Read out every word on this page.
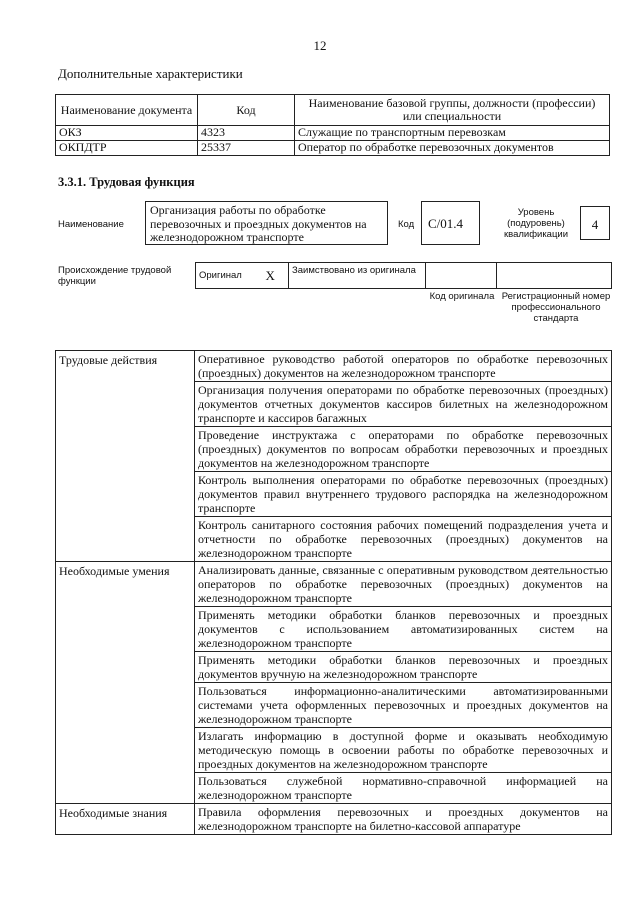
12
Дополнительные характеристики
Наименование документа	Код	Наименование базовой группы, должности (профессии) или специальности
ОКЗ	4323	Служащие по транспортным перевозкам
ОКПДТР	25337	Оператор по обработке перевозочных документов
3.3.1. Трудовая функция
Наименование
Организация работы по обработке перевозочных и проездных документов на железнодорожном транспорте
Код	С/01.4
Уровень (подуровень) квалификации
4
Происхождение трудовой функции
Оригинал	X	Заимствовано из оригинала		
Код оригинала Регистрационный номер профессионального стандарта
Трудовые действия	Оперативное руководство работой операторов по обработке перевозочных (проездных) документов на железнодорожном транспорте
	Организация получения операторами по обработке перевозочных (проездных) документов отчетных документов кассиров билетных на железнодорожном транспорте и кассиров багажных
	Проведение инструктажа с операторами по обработке перевозочных (проездных) документов по вопросам обработки перевозочных и проездных документов на железнодорожном транспорте
	Контроль выполнения операторами по обработке перевозочных (проездных) документов правил внутреннего трудового распорядка на железнодорожном транспорте
	Контроль санитарного состояния рабочих помещений подразделения учета и отчетности по обработке перевозочных (проездных) документов на железнодорожном транспорте
Необходимые умения	Анализировать данные, связанные с оперативным руководством деятельностью операторов по обработке перевозочных (проездных) документов на железнодорожном транспорте
	Применять методики обработки бланков перевозочных и проездных документов с использованием автоматизированных систем на железнодорожном транспорте
	Применять методики обработки бланков перевозочных и проездных документов вручную на железнодорожном транспорте
	Пользоваться информационно-аналитическими автоматизированными системами учета оформленных перевозочных и проездных документов на железнодорожном транспорте
	Излагать информацию в доступной форме и оказывать необходимую методическую помощь в освоении работы по обработке перевозочных и проездных документов на железнодорожном транспорте
	Пользоваться служебной нормативно-справочной информацией на железнодорожном транспорте
Необходимые знания	Правила оформления перевозочных и проездных документов на железнодорожном транспорте на билетно-кассовой аппаратуре
